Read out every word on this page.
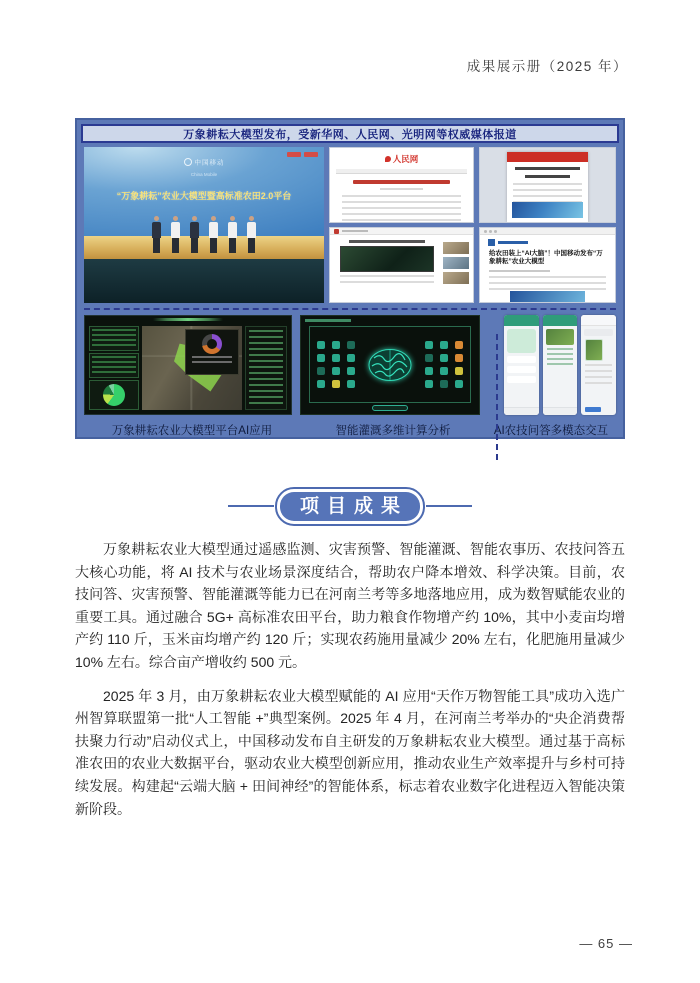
成果展示册（2025 年）
万象耕耘大模型发布，受新华网、人民网、光明网等权威媒体报道
中国移动
China Mobile
“万象耕耘”农业大模型暨高标准农田2.0平台
人民网
给农田装上“AI大脑”！中国移动发布“万象耕耘”农业大模型
万象耕耘农业大模型平台AI应用	智能灌溉多维计算分析	AI农技问答多模态交互
项目成果

万象耕耘农业大模型通过遥感监测、灾害预警、智能灌溉、智能农事历、农技问答五大核心功能，将 AI 技术与农业场景深度结合，帮助农户降本增效、科学决策。目前，农技问答、灾害预警、智能灌溉等能力已在河南兰考等多地落地应用，成为数智赋能农业的重要工具。通过融合 5G+ 高标准农田平台，助力粮食作物增产约 10%，其中小麦亩均增产约 110 斤，玉米亩均增产约 120 斤；实现农药施用量减少 20% 左右，化肥施用量减少 10% 左右。综合亩产增收约 500 元。

2025 年 3 月，由万象耕耘农业大模型赋能的 AI 应用“天作万物智能工具”成功入选广州智算联盟第一批“人工智能 +”典型案例。2025 年 4 月，在河南兰考举办的“央企消费帮扶聚力行动”启动仪式上，中国移动发布自主研发的万象耕耘农业大模型。通过基于高标准农田的农业大数据平台，驱动农业大模型创新应用，推动农业生产效率提升与乡村可持续发展。构建起“云端大脑 + 田间神经”的智能体系，标志着农业数字化进程迈入智能决策新阶段。

— 65 —
